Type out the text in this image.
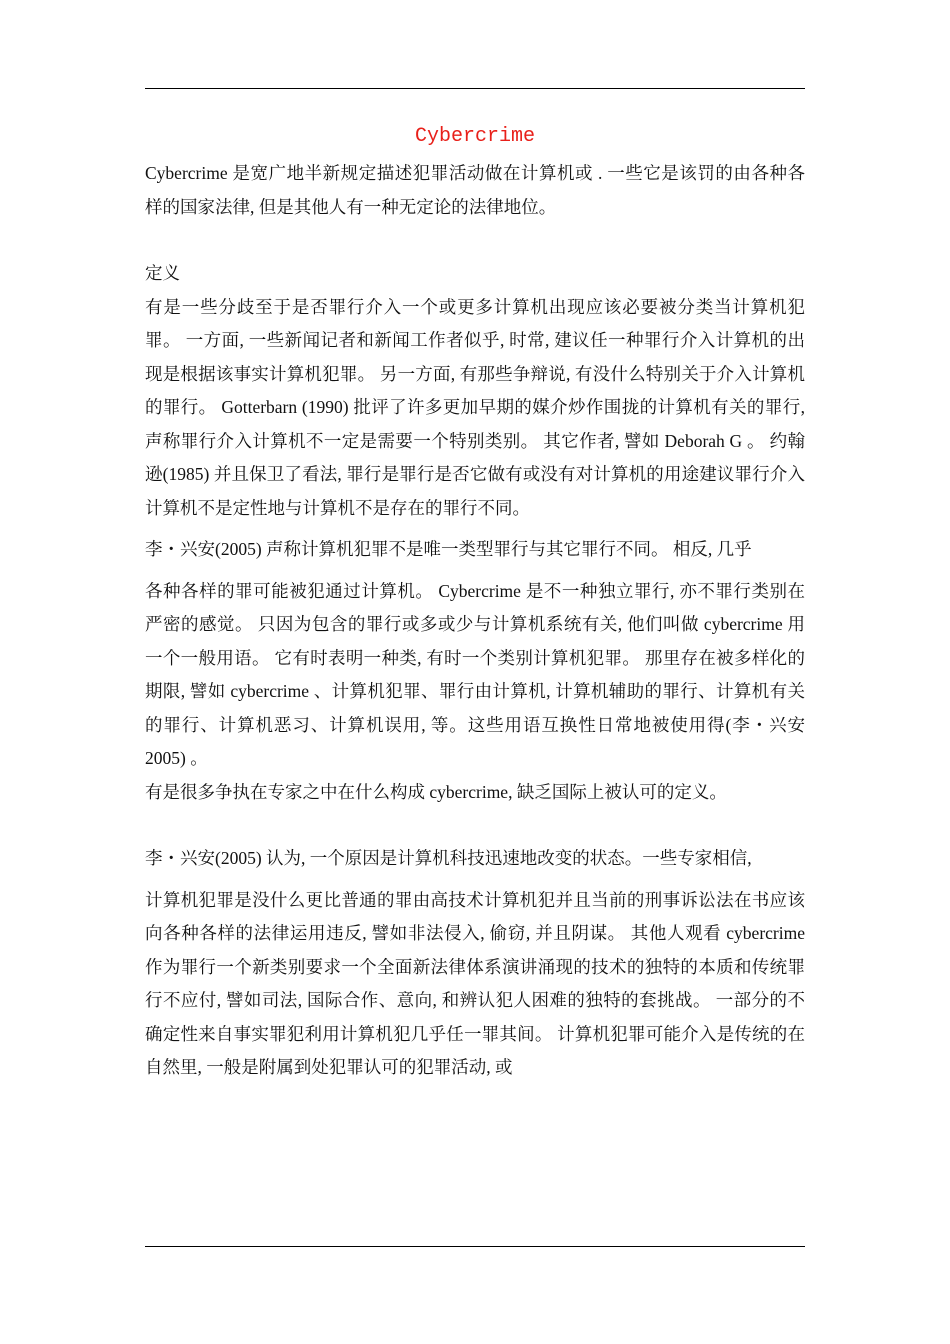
Cybercrime

Cybercrime 是宽广地半新规定描述犯罪活动做在计算机或 . 一些它是该罚的由各种各样的国家法律, 但是其他人有一种无定论的法律地位。

定义

有是一些分歧至于是否罪行介入一个或更多计算机出现应该必要被分类当计算机犯罪。 一方面, 一些新闻记者和新闻工作者似乎, 时常, 建议任一种罪行介入计算机的出现是根据该事实计算机犯罪。 另一方面, 有那些争辩说, 有没什么特别关于介入计算机的罪行。 Gotterbarn (1990) 批评了许多更加早期的媒介炒作围拢的计算机有关的罪行, 声称罪行介入计算机不一定是需要一个特别类别。 其它作者, 譬如 Deborah G 。 约翰逊(1985) 并且保卫了看法, 罪行是罪行是否它做有或没有对计算机的用途建议罪行介入计算机不是定性地与计算机不是存在的罪行不同。

李・兴安(2005) 声称计算机犯罪不是唯一类型罪行与其它罪行不同。 相反, 几乎

各种各样的罪可能被犯通过计算机。 Cybercrime 是不一种独立罪行, 亦不罪行类别在严密的感觉。 只因为包含的罪行或多或少与计算机系统有关, 他们叫做 cybercrime 用一个一般用语。 它有时表明一种类, 有时一个类别计算机犯罪。 那里存在被多样化的期限, 譬如 cybercrime 、计算机犯罪、罪行由计算机, 计算机辅助的罪行、计算机有关的罪行、计算机恶习、计算机误用, 等。这些用语互换性日常地被使用得(李・兴安 2005) 。

有是很多争执在专家之中在什么构成 cybercrime, 缺乏国际上被认可的定义。

李・兴安(2005) 认为, 一个原因是计算机科技迅速地改变的状态。一些专家相信,

计算机犯罪是没什么更比普通的罪由高技术计算机犯并且当前的刑事诉讼法在书应该向各种各样的法律运用违反, 譬如非法侵入, 偷窃, 并且阴谋。 其他人观看 cybercrime 作为罪行一个新类别要求一个全面新法律体系演讲涌现的技术的独特的本质和传统罪行不应付, 譬如司法, 国际合作、意向, 和辨认犯人困难的独特的套挑战。 一部分的不确定性来自事实罪犯利用计算机犯几乎任一罪其间。 计算机犯罪可能介入是传统的在自然里, 一般是附属到处犯罪认可的犯罪活动, 或
